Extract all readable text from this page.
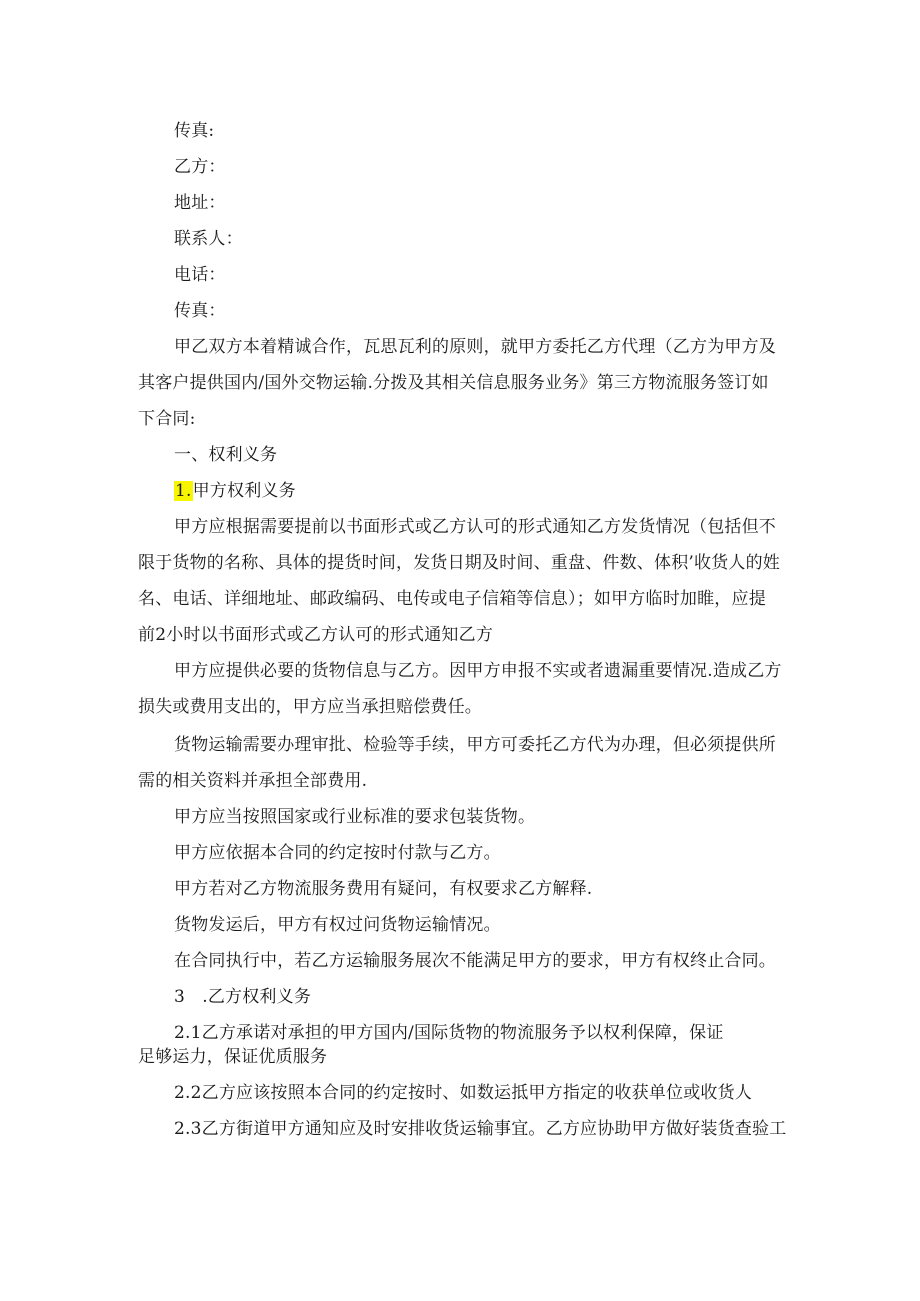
传真:
乙方：
地址：
联系人：
电话：
传真：
甲乙双方本着精诚合作，瓦思瓦利的原则，就甲方委托乙方代理（乙方为甲方及
其客户提供国内/国外交物运输.分拨及其相关信息服务业务》第三方物流服务签订如
下合同:
一、权利义务
1.甲方权利义务
甲方应根据需要提前以书面形式或乙方认可的形式通知乙方发货情况（包括但不
限于货物的名称、具体的提货时间，发货日期及时间、重盘、件数、体积’收货人的姓
名、电话、详细地址、邮政编码、电传或电子信箱等信息）；如甲方临时加睢，应提
前2小时以书面形式或乙方认可的形式通知乙方
甲方应提供必要的货物信息与乙方。因甲方申报不实或者遗漏重要情况.造成乙方
损失或费用支出的，甲方应当承担赔偿费任。
货物运输需要办理审批、检验等手续，甲方可委托乙方代为办理，但必须提供所
需的相关资料并承担全部费用.
甲方应当按照国家或行业标准的要求包装货物。
甲方应依据本合同的约定按时付款与乙方。
甲方若对乙方物流服务费用有疑问，有权要求乙方解释.
货物发运后，甲方有权过问货物运输情况。
在合同执行中，若乙方运输服务展次不能满足甲方的要求，甲方有权终止合同。
3　.乙方权利义务
2.1乙方承诺对承担的甲方国内/国际货物的物流服务予以权利保障，保证
足够运力，保证优质服务
2.2乙方应该按照本合同的约定按时、如数运抵甲方指定的收获单位或收货人
2.3乙方街道甲方通知应及时安排收货运输事宜。乙方应协助甲方做好装货查验工
